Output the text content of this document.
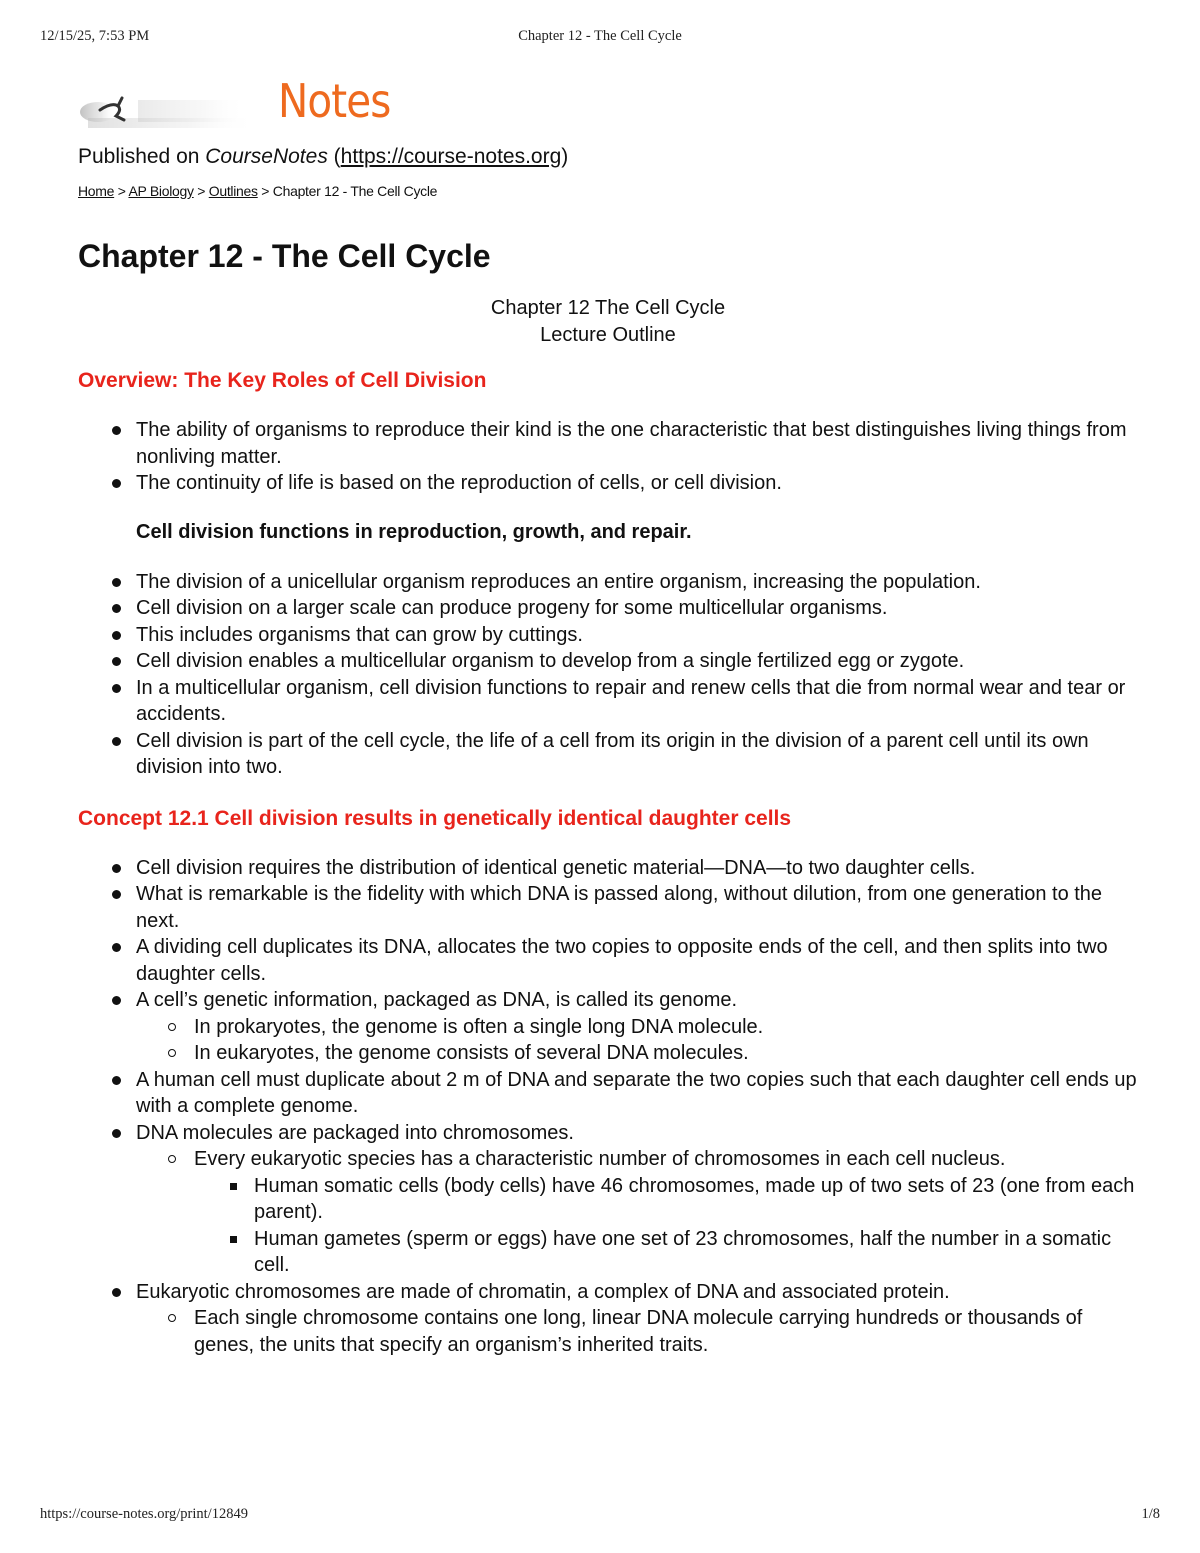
12/15/25, 7:53 PM	Chapter 12 - The Cell Cycle
Notes
Published on CourseNotes (https://course-notes.org)
Home > AP Biology > Outlines > Chapter 12 - The Cell Cycle
Chapter 12 - The Cell Cycle
Chapter 12 The Cell Cycle
Lecture Outline
Overview: The Key Roles of Cell Division
The ability of organisms to reproduce their kind is the one characteristic that best distinguishes living things from nonliving matter.
The continuity of life is based on the reproduction of cells, or cell division.
Cell division functions in reproduction, growth, and repair.
The division of a unicellular organism reproduces an entire organism, increasing the population.
Cell division on a larger scale can produce progeny for some multicellular organisms.
This includes organisms that can grow by cuttings.
Cell division enables a multicellular organism to develop from a single fertilized egg or zygote.
In a multicellular organism, cell division functions to repair and renew cells that die from normal wear and tear or accidents.
Cell division is part of the cell cycle, the life of a cell from its origin in the division of a parent cell until its own division into two.
Concept 12.1 Cell division results in genetically identical daughter cells
Cell division requires the distribution of identical genetic material—DNA—to two daughter cells.
What is remarkable is the fidelity with which DNA is passed along, without dilution, from one generation to the next.
A dividing cell duplicates its DNA, allocates the two copies to opposite ends of the cell, and then splits into two daughter cells.
A cell’s genetic information, packaged as DNA, is called its genome.
In prokaryotes, the genome is often a single long DNA molecule.
In eukaryotes, the genome consists of several DNA molecules.
A human cell must duplicate about 2 m of DNA and separate the two copies such that each daughter cell ends up with a complete genome.
DNA molecules are packaged into chromosomes.
Every eukaryotic species has a characteristic number of chromosomes in each cell nucleus.
Human somatic cells (body cells) have 46 chromosomes, made up of two sets of 23 (one from each parent).
Human gametes (sperm or eggs) have one set of 23 chromosomes, half the number in a somatic cell.
Eukaryotic chromosomes are made of chromatin, a complex of DNA and associated protein.
Each single chromosome contains one long, linear DNA molecule carrying hundreds or thousands of genes, the units that specify an organism’s inherited traits.
https://course-notes.org/print/12849	1/8
